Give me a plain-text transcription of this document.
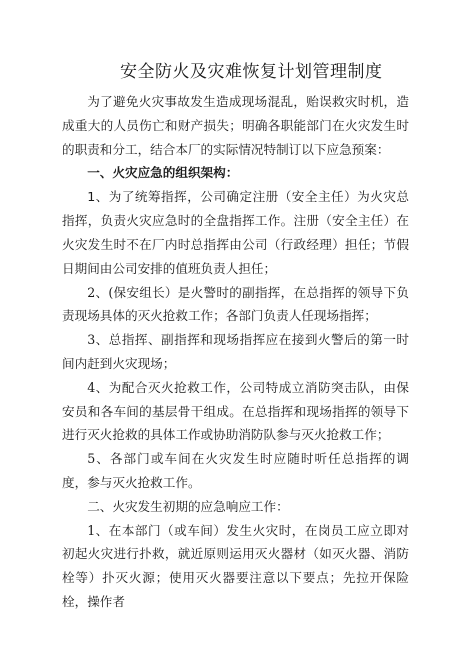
安全防火及灾难恢复计划管理制度

为了避免火灾事故发生造成现场混乱，贻误救灾时机，造成重大的人员伤亡和财产损失；明确各职能部门在火灾发生时的职责和分工，结合本厂的实际情况特制订以下应急预案：

一、火灾应急的组织架构：

1、为了统筹指挥，公司确定注册（安全主任）为火灾总指挥，负责火灾应急时的全盘指挥工作。注册（安全主任）在火灾发生时不在厂内时总指挥由公司（行政经理）担任；节假日期间由公司安排的值班负责人担任；

2、(保安组长）是火警时的副指挥，在总指挥的领导下负责现场具体的灭火抢救工作；各部门负责人任现场指挥；

3、总指挥、副指挥和现场指挥应在接到火警后的第一时间内赶到火灾现场；

4、为配合灭火抢救工作，公司特成立消防突击队，由保安员和各车间的基层骨干组成。在总指挥和现场指挥的领导下进行灭火抢救的具体工作或协助消防队参与灭火抢救工作；

5、各部门或车间在火灾发生时应随时听任总指挥的调度，参与灭火抢救工作。

二、火灾发生初期的应急响应工作：

1、在本部门（或车间）发生火灾时，在岗员工应立即对初起火灾进行扑救，就近原则运用灭火器材（如灭火器、消防栓等）扑灭火源；使用灭火器要注意以下要点；先拉开保险栓，操作者
